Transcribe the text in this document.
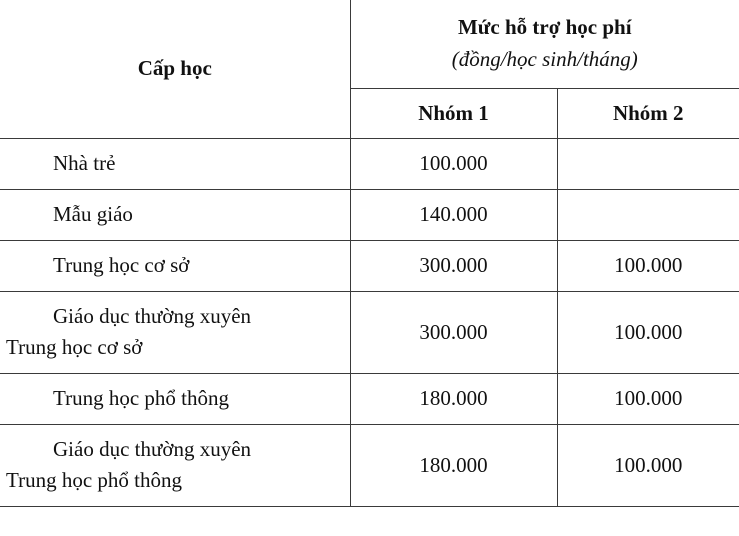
Cấp học	Mức hỗ trợ học phí
(đồng/học sinh/tháng)	

	Nhóm 1	Nhóm 2

Nhà trẻ	100.000	

Mẫu giáo	140.000	

Trung học cơ sở	300.000	100.000

Giáo dục thường xuyên
Trung học cơ sở	300.000	100.000

Trung học phổ thông	180.000	100.000

Giáo dục thường xuyên
Trung học phổ thông	180.000	100.000
